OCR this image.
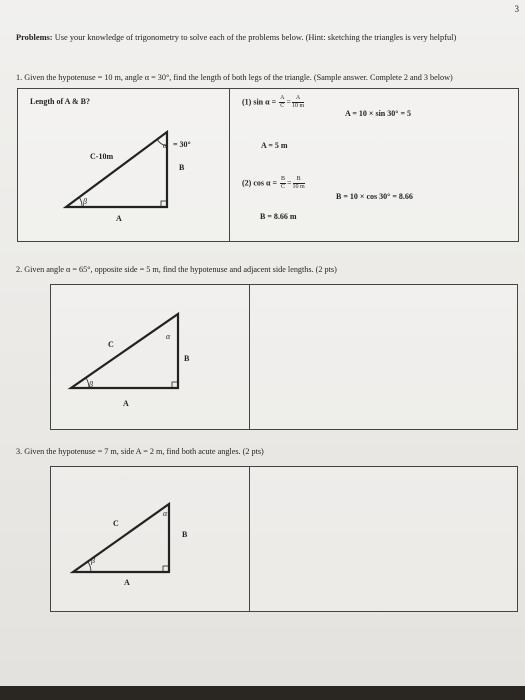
3
Problems: Use your knowledge of trigonometry to solve each of the problems below. (Hint: sketching the triangles is very helpful)
1. Given the hypotenuse = 10 m, angle α = 30°, find the length of both legs of the triangle. (Sample answer. Complete 2 and 3 below)
Length of A & B?
α = 30°
C-10m
B
A
β
(1) $\sin \alpha = \frac{A}{C} = \frac{A}{10 m}$
A = 10 × sin 30° = 5
A = 5 m
(2) $\cos \alpha = \frac{B}{C} = \frac{B}{10 m}$
B = 10 × cos 30° = 8.66
B = 8.66 m
2. Given angle α = 65°, opposite side = 5 m, find the hypotenuse and adjacent side lengths. (2 pts)
C
B
A
α
β
3. Given the hypotenuse = 7 m, side A = 2 m, find both acute angles. (2 pts)
C
B
A
α
β
